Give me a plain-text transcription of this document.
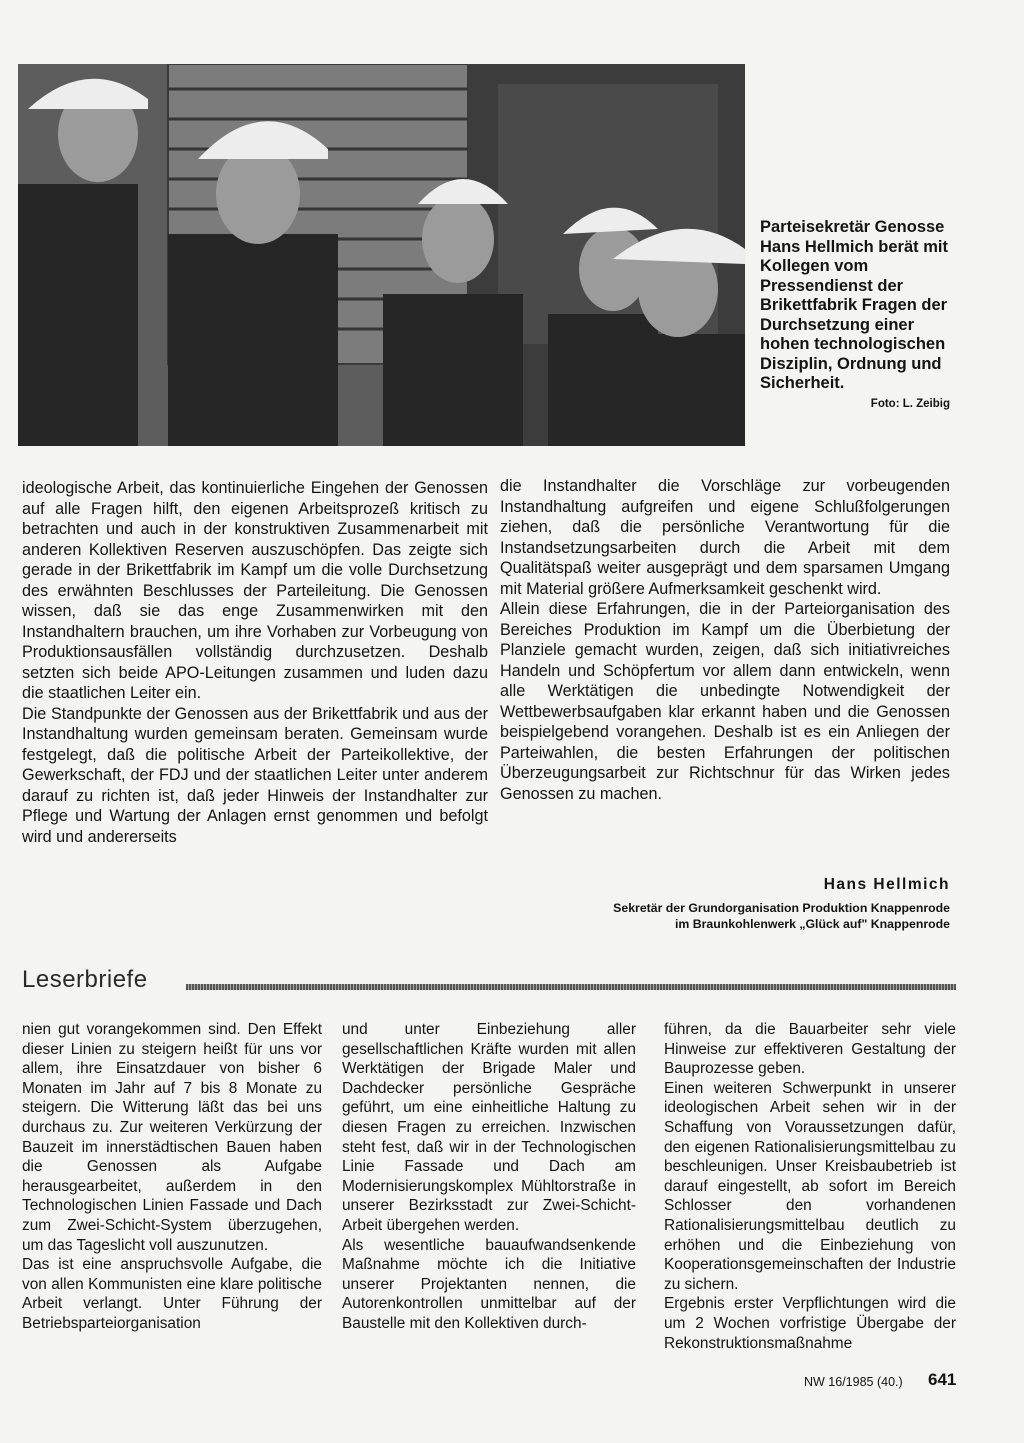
Parteisekretär Genosse Hans Hellmich berät mit Kollegen vom Pressendienst der Brikettfabrik Fragen der Durchsetzung einer hohen technologischen Disziplin, Ordnung und Sicherheit.
Foto: L. Zeibig
ideologische Arbeit, das kontinuierliche Eingehen der Genossen auf alle Fragen hilft, den eigenen Arbeitsprozeß kritisch zu betrachten und auch in der konstruktiven Zusammenarbeit mit anderen Kollektiven Reserven auszuschöpfen. Das zeigte sich gerade in der Brikettfabrik im Kampf um die volle Durchsetzung des erwähnten Beschlusses der Parteileitung. Die Genossen wissen, daß sie das enge Zusammenwirken mit den Instandhaltern brauchen, um ihre Vorhaben zur Vorbeugung von Produktionsausfällen vollständig durchzusetzen. Deshalb setzten sich beide APO-Leitungen zusammen und luden dazu die staatlichen Leiter ein.
Die Standpunkte der Genossen aus der Brikettfabrik und aus der Instandhaltung wurden gemeinsam beraten. Gemeinsam wurde festgelegt, daß die politische Arbeit der Parteikollektive, der Gewerkschaft, der FDJ und der staatlichen Leiter unter anderem darauf zu richten ist, daß jeder Hinweis der Instandhalter zur Pflege und Wartung der Anlagen ernst genommen und befolgt wird und andererseits
die Instandhalter die Vorschläge zur vorbeugenden Instandhaltung aufgreifen und eigene Schlußfolgerungen ziehen, daß die persönliche Verantwortung für die Instandsetzungsarbeiten durch die Arbeit mit dem Qualitätspaß weiter ausgeprägt und dem sparsamen Umgang mit Material größere Aufmerksamkeit geschenkt wird.
Allein diese Erfahrungen, die in der Parteiorganisation des Bereiches Produktion im Kampf um die Überbietung der Planziele gemacht wurden, zeigen, daß sich initiativreiches Handeln und Schöpfertum vor allem dann entwickeln, wenn alle Werktätigen die unbedingte Notwendigkeit der Wettbewerbsaufgaben klar erkannt haben und die Genossen beispielgebend vorangehen. Deshalb ist es ein Anliegen der Parteiwahlen, die besten Erfahrungen der politischen Überzeugungsarbeit zur Richtschnur für das Wirken jedes Genossen zu machen.
Hans Hellmich
Sekretär der Grundorganisation Produktion Knappenrode
im Braunkohlenwerk „Glück auf" Knappenrode
Leserbriefe
nien gut vorangekommen sind. Den Effekt dieser Linien zu steigern heißt für uns vor allem, ihre Einsatzdauer von bisher 6 Monaten im Jahr auf 7 bis 8 Monate zu steigern. Die Witterung läßt das bei uns durchaus zu. Zur weiteren Verkürzung der Bauzeit im innerstädtischen Bauen haben die Genossen als Aufgabe herausgearbeitet, außerdem in den Technologischen Linien Fassade und Dach zum Zwei-Schicht-System überzugehen, um das Tageslicht voll auszunutzen.
Das ist eine anspruchsvolle Aufgabe, die von allen Kommunisten eine klare politische Arbeit verlangt. Unter Führung der Betriebsparteiorganisation
und unter Einbeziehung aller gesellschaftlichen Kräfte wurden mit allen Werktätigen der Brigade Maler und Dachdecker persönliche Gespräche geführt, um eine einheitliche Haltung zu diesen Fragen zu erreichen. Inzwischen steht fest, daß wir in der Technologischen Linie Fassade und Dach am Modernisierungskomplex Mühltorstraße in unserer Bezirksstadt zur Zwei-Schicht-Arbeit übergehen werden.
Als wesentliche bauaufwandsenkende Maßnahme möchte ich die Initiative unserer Projektanten nennen, die Autorenkontrollen unmittelbar auf der Baustelle mit den Kollektiven durch-
führen, da die Bauarbeiter sehr viele Hinweise zur effektiveren Gestaltung der Bauprozesse geben.
Einen weiteren Schwerpunkt in unserer ideologischen Arbeit sehen wir in der Schaffung von Voraussetzungen dafür, den eigenen Rationalisierungsmittelbau zu beschleunigen. Unser Kreisbaubetrieb ist darauf eingestellt, ab sofort im Bereich Schlosser den vorhandenen Rationalisierungsmittelbau deutlich zu erhöhen und die Einbeziehung von Kooperationsgemeinschaften der Industrie zu sichern.
Ergebnis erster Verpflichtungen wird die um 2 Wochen vorfristige Übergabe der Rekonstruktionsmaßnahme
NW 16/1985 (40.) 641
